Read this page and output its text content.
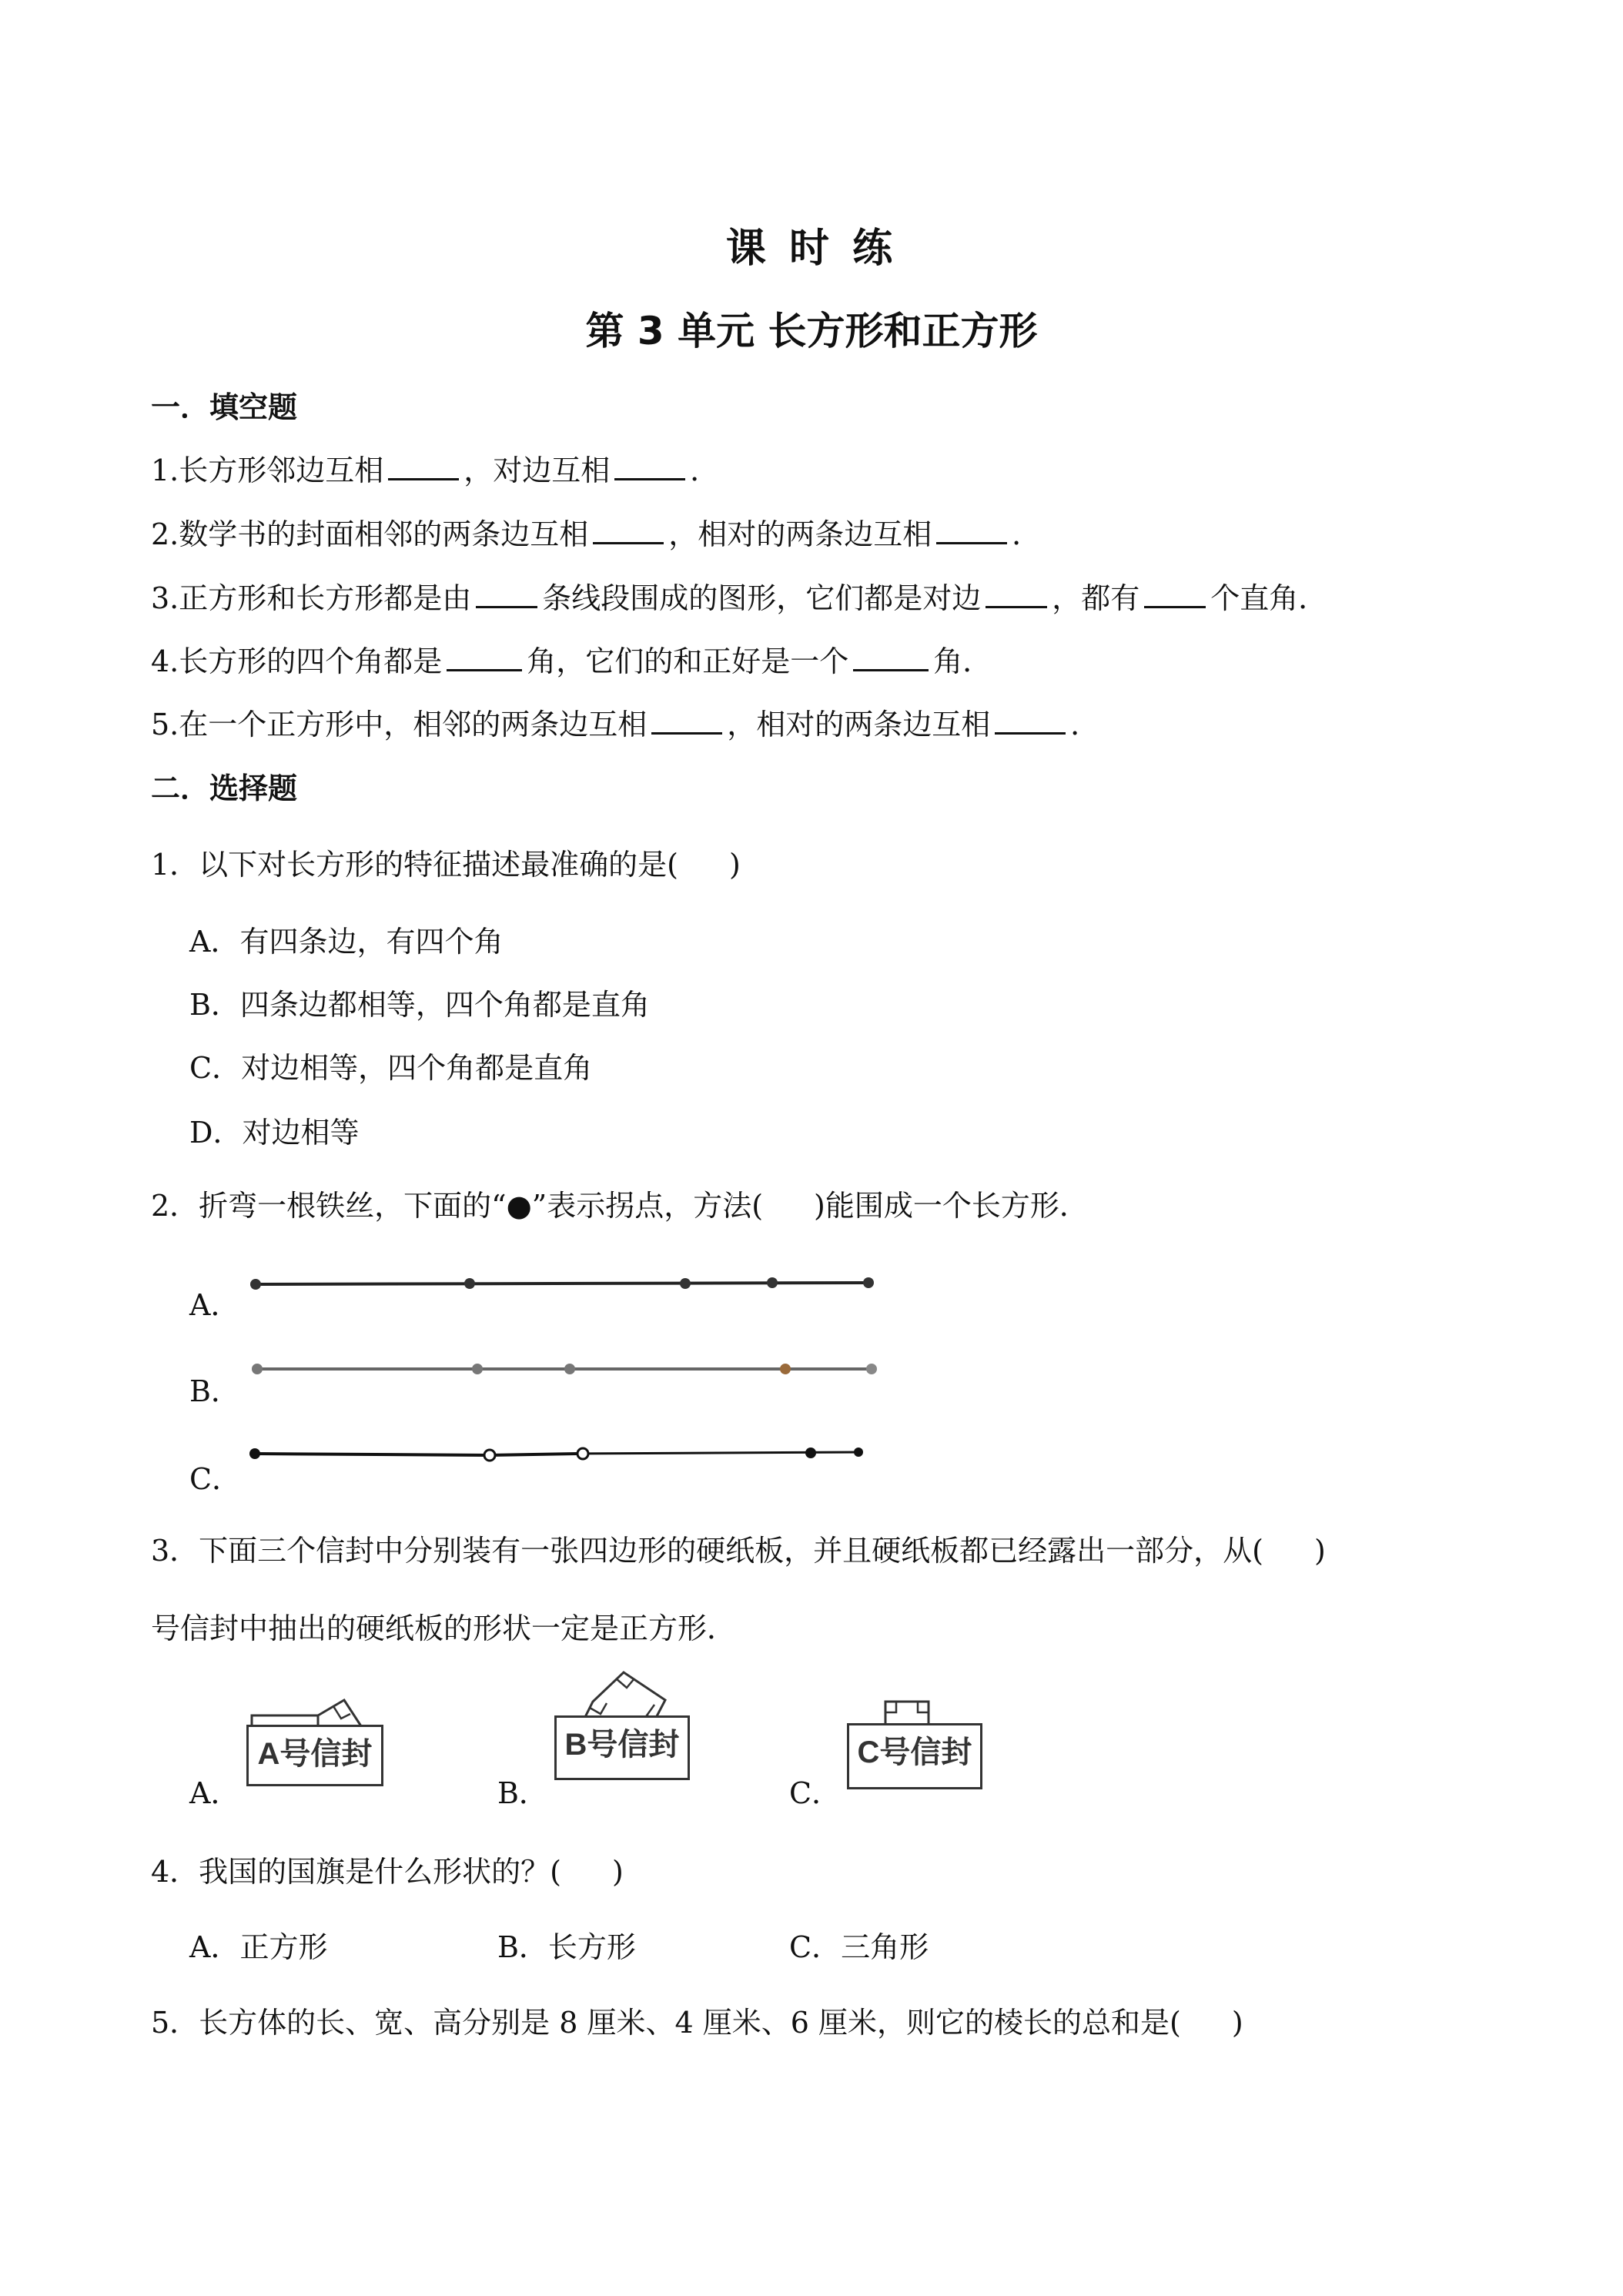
课 时 练
第 3 单元 长方形和正方形
一．填空题
1.长方形邻边互相	，对边互相	．
2.数学书的封面相邻的两条边互相	，相对的两条边互相	．
3.正方形和长方形都是由 条线段围成的图形，它们都是对边 ，都有 个直角．
4.长方形的四个角都是	角，它们的和正好是一个	角．
5.在一个正方形中，相邻的两条边互相	，相对的两条边互相	．
二．选择题
1．以下对长方形的特征描述最准确的是( )
A．有四条边，有四个角
B．四条边都相等，四个角都是直角
C．对边相等，四个角都是直角
D．对边相等
2．折弯一根铁丝，下面的“●”表示拐点，方法( )能围成一个长方形．
A．
B．
C．
3．下面三个信封中分别装有一张四边形的硬纸板，并且硬纸板都已经露出一部分，从( )
号信封中抽出的硬纸板的形状一定是正方形．
A．
A号信封
B．
B号信封
C．
C号信封
4．我国的国旗是什么形状的？( )
A．正方形	B．长方形	C．三角形
5．长方体的长、宽、高分别是 8 厘米、4 厘米、6 厘米，则它的棱长的总和是( )
